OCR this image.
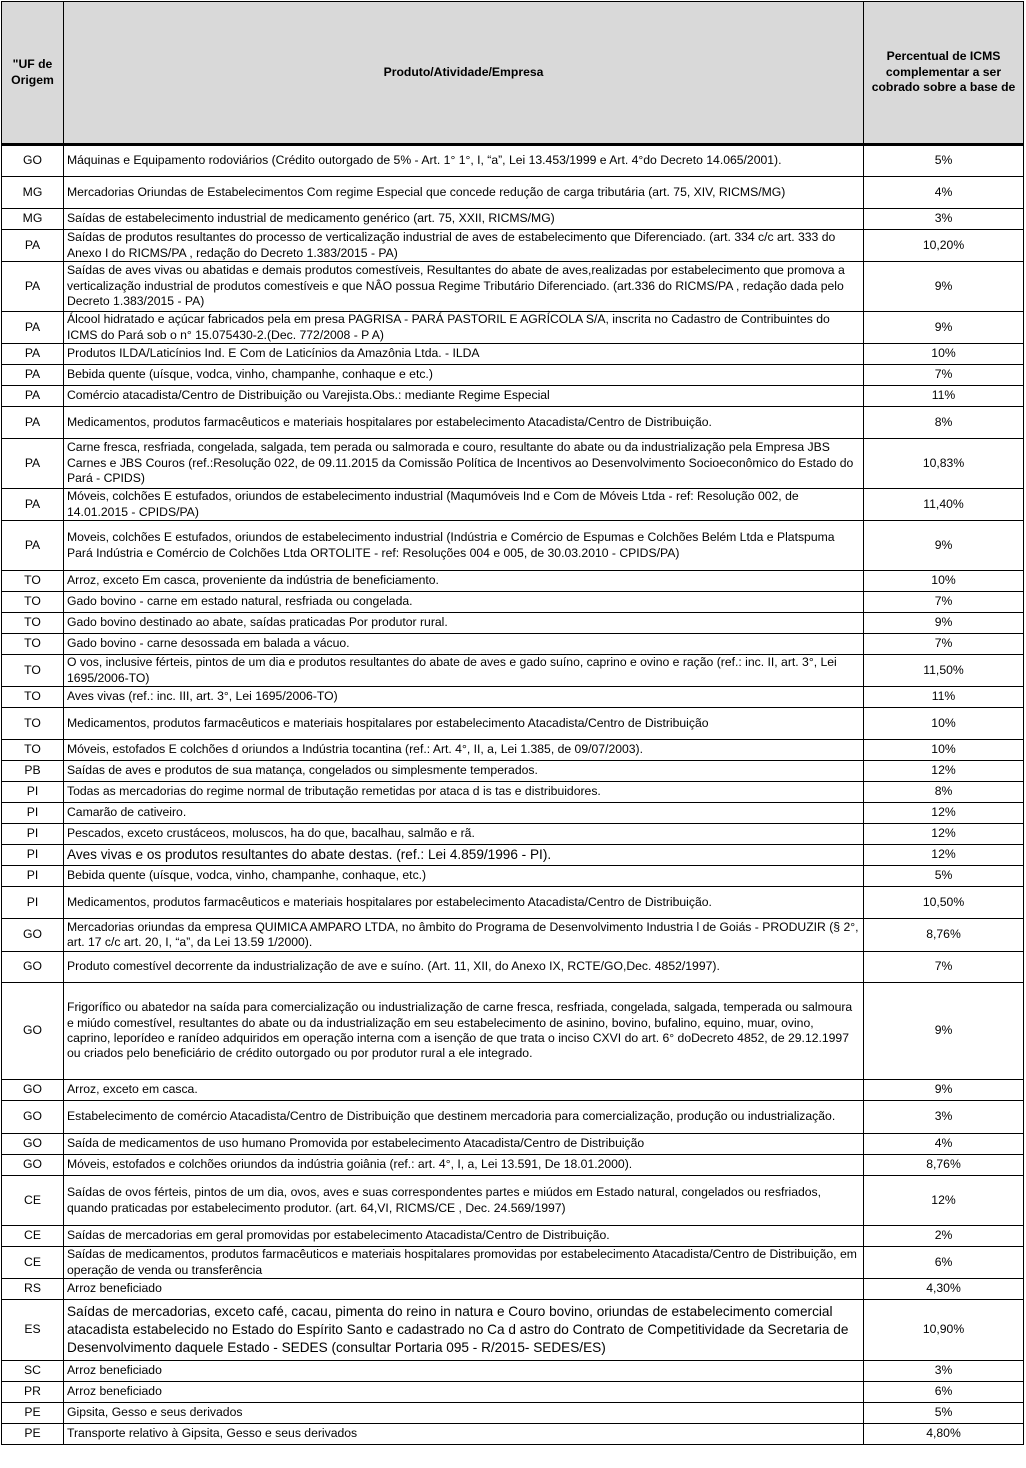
"UF de Origem	Produto/Atividade/Empresa	Percentual de ICMS complementar a ser cobrado sobre a base de
GO	Máquinas e Equipamento rodoviários (Crédito outorgado de 5% - Art. 1° 1°, I, “a”, Lei 13.453/1999 e Art. 4°do Decreto 14.065/2001).	5%
MG	Mercadorias Oriundas de Estabelecimentos Com regime Especial que concede redução de carga tributária (art. 75, XIV, RICMS/MG)	4%
MG	Saídas de estabelecimento industrial de medicamento genérico (art. 75, XXII, RICMS/MG)	3%
PA	Saídas de produtos resultantes do processo de verticalização industrial de aves de estabelecimento que Diferenciado. (art. 334 c/c art. 333 do Anexo I do RICMS/PA , redação do Decreto 1.383/2015 - PA)	10,20%
PA	Saídas de aves vivas ou abatidas e demais produtos comestíveis, Resultantes do abate de aves,realizadas por estabelecimento que promova a verticalização industrial de produtos comestíveis e que NÂO possua Regime Tributário Diferenciado. (art.336 do RICMS/PA , redação dada pelo Decreto 1.383/2015 - PA)	9%
PA	Álcool hidratado e açúcar fabricados pela em presa PAGRISA - PARÁ PASTORIL E AGRÍCOLA S/A, inscrita no Cadastro de Contribuintes do ICMS do Pará sob o n° 15.075430-2.(Dec. 772/2008 - P A)	9%
PA	Produtos ILDA/Laticínios Ind. E Com de Laticínios da Amazônia Ltda. - ILDA	10%
PA	Bebida quente (uísque, vodca, vinho, champanhe, conhaque e etc.)	7%
PA	Comércio atacadista/Centro de Distribuição ou Varejista.Obs.: mediante Regime Especial	11%
PA	Medicamentos, produtos farmacêuticos e materiais hospitalares por estabelecimento Atacadista/Centro de Distribuição.	8%
PA	Carne fresca, resfriada, congelada, salgada, tem perada ou salmorada e couro, resultante do abate ou da industrialização pela Empresa JBS Carnes e JBS Couros (ref.:Resolução 022, de 09.11.2015 da Comissão Política de Incentivos ao Desenvolvimento Socioeconômico do Estado do Pará - CPIDS)	10,83%
PA	Móveis, colchões E estufados, oriundos de estabelecimento industrial (Maqumóveis Ind e Com de Móveis Ltda - ref: Resolução 002, de 14.01.2015 - CPIDS/PA)	11,40%
PA	Moveis, colchões E estufados, oriundos de estabelecimento industrial (Indústria e Comércio de Espumas e Colchões Belém Ltda e Platspuma Pará Indústria e Comércio de Colchões Ltda ORTOLITE - ref: Resoluções 004 e 005, de 30.03.2010 - CPIDS/PA)	9%
TO	Arroz, exceto Em casca, proveniente da indústria de beneficiamento.	10%
TO	Gado bovino - carne em estado natural, resfriada ou congelada.	7%
TO	Gado bovino destinado ao abate, saídas praticadas Por produtor rural.	9%
TO	Gado bovino - carne desossada em balada a vácuo.	7%
TO	O vos, inclusive férteis, pintos de um dia e produtos resultantes do abate de aves e gado suíno, caprino e ovino e ração (ref.: inc. II, art. 3°, Lei 1695/2006-TO)	11,50%
TO	Aves vivas (ref.: inc. III, art. 3°, Lei 1695/2006-TO)	11%
TO	Medicamentos, produtos farmacêuticos e materiais hospitalares por estabelecimento Atacadista/Centro de Distribuição	10%
TO	Móveis, estofados E colchões d oriundos a Indústria tocantina (ref.: Art. 4°, II, a, Lei 1.385, de 09/07/2003).	10%
PB	Saídas de aves e produtos de sua matança, congelados ou simplesmente temperados.	12%
PI	Todas as mercadorias do regime normal de tributação remetidas por ataca d is tas e distribuidores.	8%
PI	Camarão de cativeiro.	12%
PI	Pescados, exceto crustáceos, moluscos, ha do que, bacalhau, salmão e rã.	12%
PI	Aves vivas e os produtos resultantes do abate destas. (ref.: Lei 4.859/1996 - PI).	12%
PI	Bebida quente (uísque, vodca, vinho, champanhe, conhaque, etc.)	5%
PI	Medicamentos, produtos farmacêuticos e materiais hospitalares por estabelecimento Atacadista/Centro de Distribuição.	10,50%
GO	Mercadorias oriundas da empresa QUIMICA AMPARO LTDA, no âmbito do Programa de Desenvolvimento Industria l de Goiás - PRODUZIR (§ 2°, art. 17 c/c art. 20, I, “a”, da Lei 13.59 1/2000).	8,76%
GO	Produto comestível decorrente da industrialização de ave e suíno. (Art. 11, XII, do Anexo IX, RCTE/GO,Dec. 4852/1997).	7%
GO	Frigorífico ou abatedor na saída para comercialização ou industrialização de carne fresca, resfriada, congelada, salgada, temperada ou salmoura e miúdo comestível, resultantes do abate ou da industrialização em seu estabelecimento de asinino, bovino, bufalino, equino, muar, ovino, caprino, leporídeo e ranídeo adquiridos em operação interna com a isenção de que trata o inciso CXVI do art. 6° doDecreto 4852, de 29.12.1997 ou criados pelo beneficiário de crédito outorgado ou por produtor rural a ele integrado.	9%
GO	Arroz, exceto em casca.	9%
GO	Estabelecimento de comércio Atacadista/Centro de Distribuição que destinem mercadoria para comercialização, produção ou industrialização.	3%
GO	Saída de medicamentos de uso humano Promovida por estabelecimento Atacadista/Centro de Distribuição	4%
GO	Móveis, estofados e colchões oriundos da indústria goiânia (ref.: art. 4°, I, a, Lei 13.591, De 18.01.2000).	8,76%
CE	Saídas de ovos férteis, pintos de um dia, ovos, aves e suas correspondentes partes e miúdos em Estado natural, congelados ou resfriados, quando praticadas por estabelecimento produtor. (art. 64,VI, RICMS/CE , Dec. 24.569/1997)	12%
CE	Saídas de mercadorias em geral promovidas por estabelecimento Atacadista/Centro de Distribuição.	2%
CE	Saídas de medicamentos, produtos farmacêuticos e materiais hospitalares promovidas por estabelecimento Atacadista/Centro de Distribuição, em operação de venda ou transferência	6%
RS	Arroz beneficiado	4,30%
ES	Saídas de mercadorias, exceto café, cacau, pimenta do reino in natura e Couro bovino, oriundas de estabelecimento comercial atacadista estabelecido no Estado do Espírito Santo e cadastrado no Ca d astro do Contrato de Competitividade da Secretaria de Desenvolvimento daquele Estado - SEDES (consultar Portaria 095 - R/2015- SEDES/ES)	10,90%
SC	Arroz beneficiado	3%
PR	Arroz beneficiado	6%
PE	Gipsita, Gesso e seus derivados	5%
PE	Transporte relativo à Gipsita, Gesso e seus derivados	4,80%
